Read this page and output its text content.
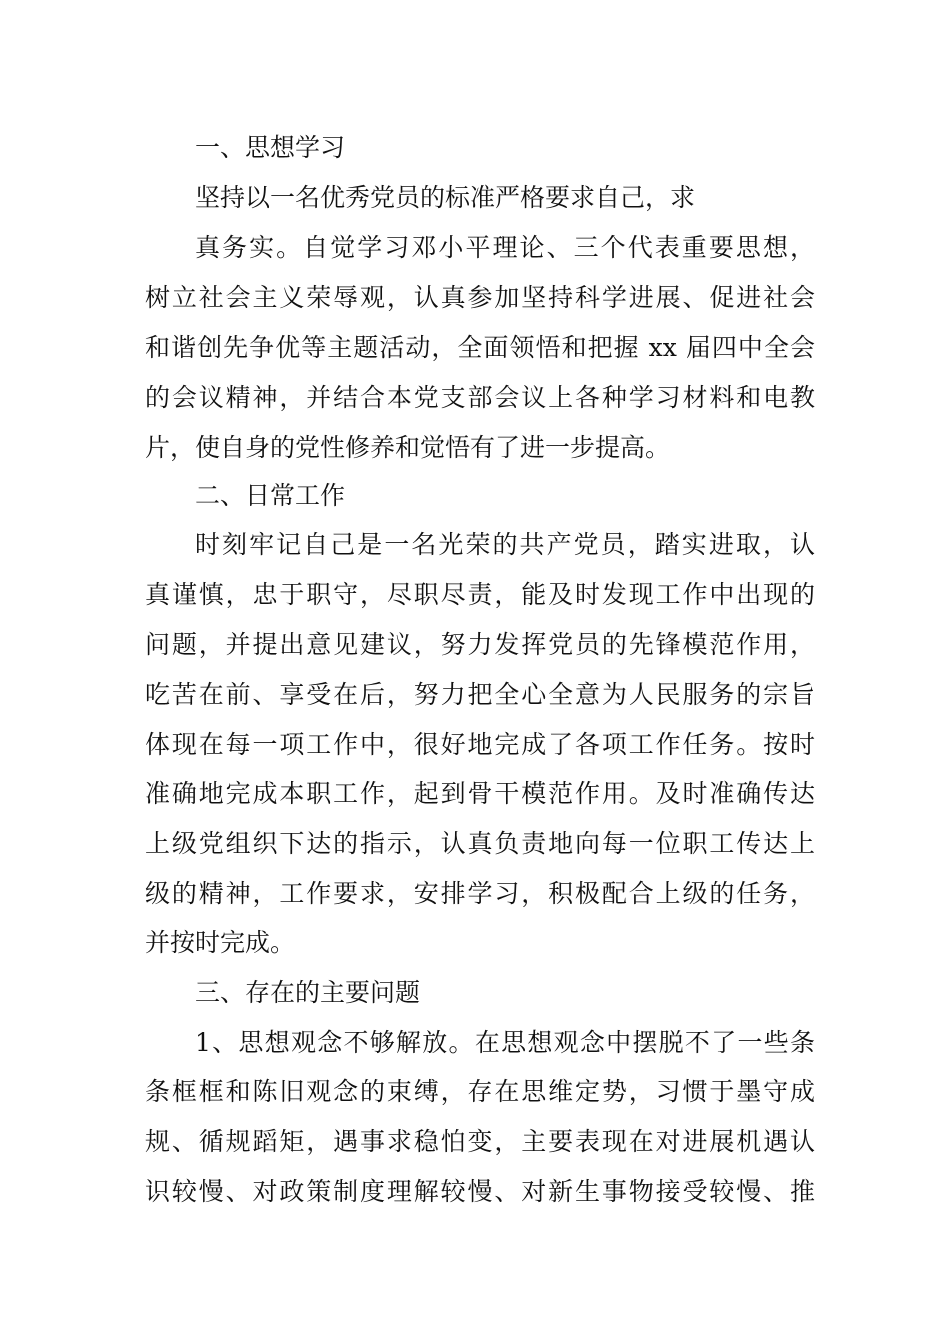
一、思想学习
坚持以一名优秀党员的标准严格要求自己，求
真务实。自觉学习邓小平理论、三个代表重要思想，
树立社会主义荣辱观，认真参加坚持科学进展、促进社会
和谐创先争优等主题活动，全面领悟和把握 xx 届四中全会
的会议精神，并结合本党支部会议上各种学习材料和电教
片，使自身的党性修养和觉悟有了进一步提高。
二、日常工作
时刻牢记自己是一名光荣的共产党员，踏实进取，认
真谨慎，忠于职守，尽职尽责，能及时发现工作中出现的
问题，并提出意见建议，努力发挥党员的先锋模范作用，
吃苦在前、享受在后，努力把全心全意为人民服务的宗旨
体现在每一项工作中，很好地完成了各项工作任务。按时
准确地完成本职工作，起到骨干模范作用。及时准确传达
上级党组织下达的指示，认真负责地向每一位职工传达上
级的精神，工作要求，安排学习，积极配合上级的任务，
并按时完成。
三、存在的主要问题
1、思想观念不够解放。在思想观念中摆脱不了一些条
条框框和陈旧观念的束缚，存在思维定势，习惯于墨守成
规、循规蹈矩，遇事求稳怕变，主要表现在对进展机遇认
识较慢、对政策制度理解较慢、对新生事物接受较慢、推
